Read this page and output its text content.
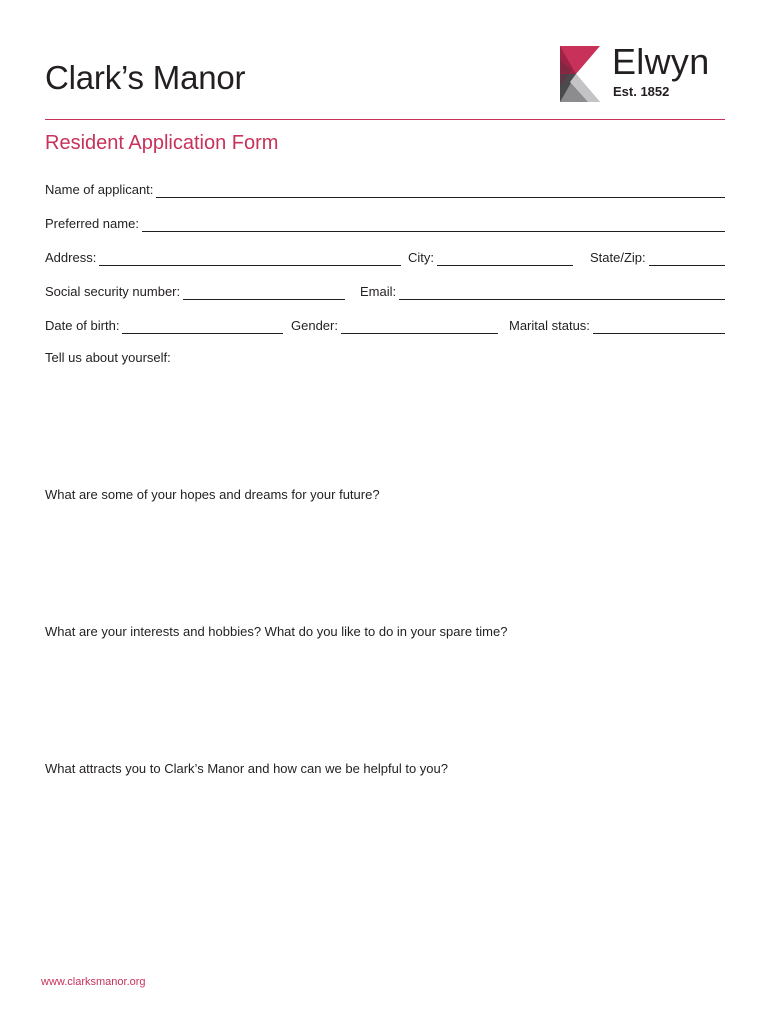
Clark’s Manor	Elwyn
Est. 1852
Resident Application Form
Name of applicant:
Preferred name:
Address:	City:	State/Zip:
Social security number:	Email:
Date of birth:	Gender:	Marital status:

Tell us about yourself:

What are some of your hopes and dreams for your future?

What are your interests and hobbies? What do you like to do in your spare time?

What attracts you to Clark’s Manor and how can we be helpful to you?

www.clarksmanor.org
